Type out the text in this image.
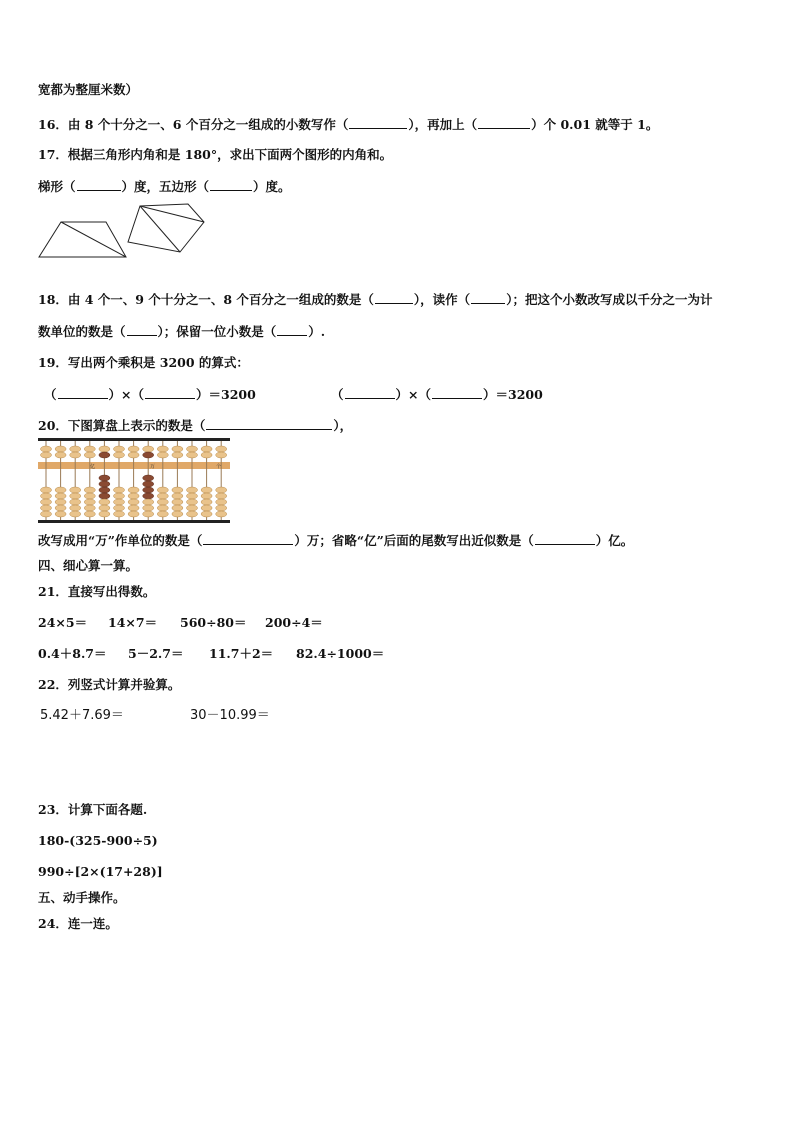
宽都为整厘米数）
16．由 8 个十分之一、6 个百分之一组成的小数写作（	），再加上（	）个 0.01 就等于 1。
17．根据三角形内角和是 180°，求出下面两个图形的内角和。
梯形（	）度，五边形（	）度。
18．由 4 个一、9 个十分之一、8 个百分之一组成的数是（	），读作（	）；把这个小数改写成以千分之一为计
数单位的数是（	）；保留一位小数是（	）.
19．写出两个乘积是 3200 的算式：
（	）×（	）＝3200	（	）×（	）＝3200
20．下图算盘上表示的数是（	），
亿	万	个
改写成用“万”作单位的数是（	）万；省略“亿”后面的尾数写出近似数是（	）亿。
四、细心算一算。
21．直接写出得数。
24×5＝ 14×7＝ 560÷80＝ 200÷4＝
0.4＋8.7＝ 5－2.7＝ 11.7＋2＝ 82.4÷1000＝
22．列竖式计算并验算。
5.42＋7.69＝	30－10.99＝
23．计算下面各题.
180-(325-900÷5)
990÷[2×(17+28)]
五、动手操作。
24．连一连。
